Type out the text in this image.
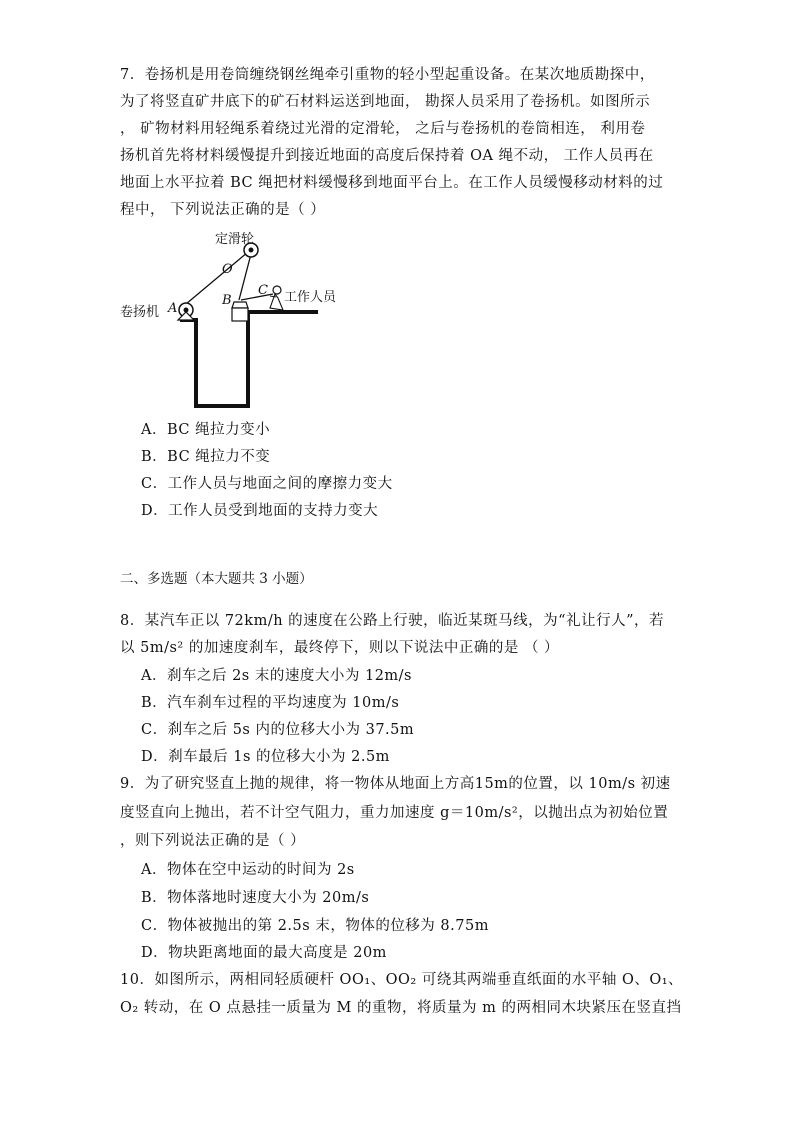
7．卷扬机是用卷筒缠绕钢丝绳牵引重物的轻小型起重设备。在某次地质勘探中，
为了将竖直矿井底下的矿石材料运送到地面， 勘探人员采用了卷扬机。如图所示
， 矿物材料用轻绳系着绕过光滑的定滑轮， 之后与卷扬机的卷筒相连， 利用卷
扬机首先将材料缓慢提升到接近地面的高度后保持着 OA 绳不动， 工作人员再在
地面上水平拉着 BC 绳把材料缓慢移到地面平台上。在工作人员缓慢移动材料的过
程中， 下列说法正确的是（ ）
定滑轮
O
卷扬机 A
B
C 工作人员
A．BC 绳拉力变小
B．BC 绳拉力不变
C．工作人员与地面之间的摩擦力变大
D．工作人员受到地面的支持力变大
二、多选题（本大题共 3 小题）
8．某汽车正以 72km/h 的速度在公路上行驶，临近某斑马线，为“礼让行人”，若
以 5m/s² 的加速度刹车，最终停下，则以下说法中正确的是 （ ）
A．刹车之后 2s 末的速度大小为 12m/s
B．汽车刹车过程的平均速度为 10m/s
C．刹车之后 5s 内的位移大小为 37.5m
D．刹车最后 1s 的位移大小为 2.5m
9．为了研究竖直上抛的规律，将一物体从地面上方高15m的位置，以 10m/s 初速
度竖直向上抛出，若不计空气阻力，重力加速度 g＝10m/s²，以抛出点为初始位置
，则下列说法正确的是（ ）
A．物体在空中运动的时间为 2s
B．物体落地时速度大小为 20m/s
C．物体被抛出的第 2.5s 末，物体的位移为 8.75m
D．物块距离地面的最大高度是 20m
10．如图所示，两相同轻质硬杆 OO₁、OO₂ 可绕其两端垂直纸面的水平轴 O、O₁、
O₂ 转动，在 O 点悬挂一质量为 M 的重物，将质量为 m 的两相同木块紧压在竖直挡
